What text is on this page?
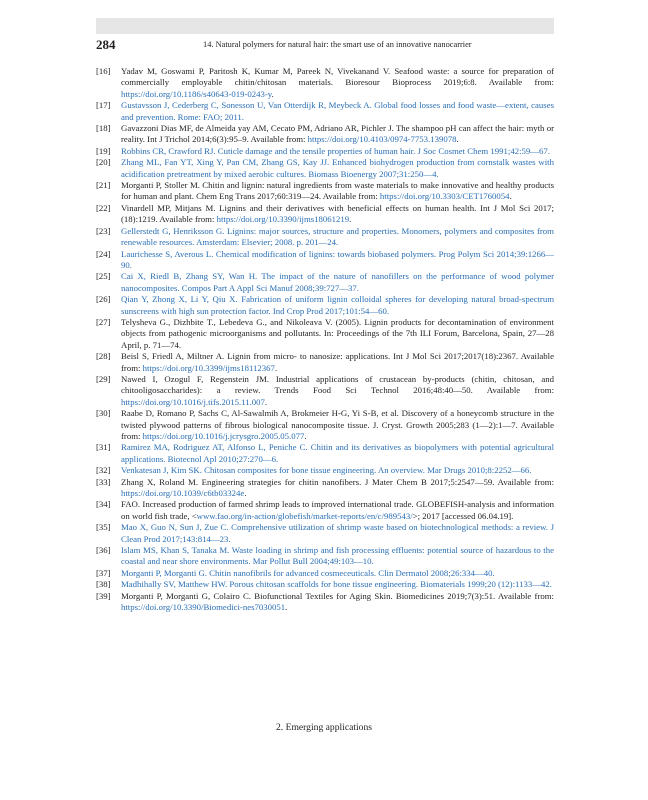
284	14. Natural polymers for natural hair: the smart use of an innovative nanocarrier
[16] Yadav M, Goswami P, Paritosh K, Kumar M, Pareek N, Vivekanand V. Seafood waste: a source for preparation of commercially employable chitin/chitosan materials. Bioresour Bioprocess 2019;6:8. Available from: https://doi.org/10.1186/s40643-019-0243-y.
[17] Gustavsson J, Cederberg C, Sonesson U, Van Otterdijk R, Meybeck A. Global food losses and food waste—extent, causes and prevention. Rome: FAO; 2011.
[18] Gavazzoni Dias MF, de Almeida yay AM, Cecato PM, Adriano AR, Pichler J. The shampoo pH can affect the hair: myth or reality. Int J Trichol 2014;6(3):95–9. Available from: https://doi.org/10.4103/0974-7753.139078.
[19] Robbins CR, Crawford RJ. Cuticle damage and the tensile properties of human hair. J Soc Cosmet Chem 1991;42:59—67.
[20] Zhang ML, Fan YT, Xing Y, Pan CM, Zhang GS, Kay JJ. Enhanced biohydrogen production from cornstalk wastes with acidification pretreatment by mixed aerobic cultures. Biomass Bioenergy 2007;31:250—4.
[21] Morganti P, Stoller M. Chitin and lignin: natural ingredients from waste materials to make innovative and healthy products for human and plant. Chem Eng Trans 2017;60:319—24. Available from: https://doi.org/10.3303/CET1760054.
[22] Vinardell MP, Mitjans M. Lignins and their derivatives with beneficial effects on human health. Int J Mol Sci 2017;(18):1219. Available from: https://doi.org/10.3390/ijms18061219.
[23] Gellerstedt G, Henriksson G. Lignins: major sources, structure and properties. Monomers, polymers and composites from renewable resources. Amsterdam: Elsevier; 2008. p. 201—24.
[24] Laurichesse S, Averous L. Chemical modification of lignins: towards biobased polymers. Prog Polym Sci 2014;39:1266—90.
[25] Cai X, Riedl B, Zhang SY, Wan H. The impact of the nature of nanofillers on the performance of wood polymer nanocomposites. Compos Part A Appl Sci Manuf 2008;39:727—37.
[26] Qian Y, Zhong X, Li Y, Qiu X. Fabrication of uniform lignin colloidal spheres for developing natural broad-spectrum sunscreens with high sun protection factor. Ind Crop Prod 2017;101:54—60.
[27] Telysheva G., Dizhbite T., Lebedeva G., and Nikoleava V. (2005). Lignin products for decontamination of environment objects from pathogenic microorganisms and pollutants. In: Proceedings of the 7th ILI Forum, Barcelona, Spain, 27—28 April, p. 71—74.
[28] Beisl S, Friedl A, Miltner A. Lignin from micro- to nanosize: applications. Int J Mol Sci 2017;2017(18):2367. Available from: https://doi.org/10.3399/ijms18112367.
[29] Nawed I, Ozogul F, Regenstein JM. Industrial applications of crustacean by-products (chitin, chitosan, and chitooligosaccharides): a review. Trends Food Sci Technol 2016;48:40—50. Available from: https://doi.org/10.1016/j.tifs.2015.11.007.
[30] Raabe D, Romano P, Sachs C, Al-Sawalmih A, Brokmeier H-G, Yi S-B, et al. Discovery of a honeycomb structure in the twisted plywood patterns of fibrous biological nanocomposite tissue. J. Cryst. Growth 2005;283 (1—2):1—7. Available from: https://doi.org/10.1016/j.jcrysgro.2005.05.077.
[31] Ramirez MA, Rodriguez AT, Alfonso L, Peniche C. Chitin and its derivatives as biopolymers with potential agricultural applications. Biotecnol Apl 2010;27:270—6.
[32] Venkatesan J, Kim SK. Chitosan composites for bone tissue engineering. An overview. Mar Drugs 2010;8:2252—66.
[33] Zhang X, Roland M. Engineering strategies for chitin nanofibers. J Mater Chem B 2017;5:2547—59. Available from: https://doi.org/10.1039/c6tb03324e.
[34] FAO. Increased production of farmed shrimp leads to improved international trade. GLOBEFISH-analysis and information on world fish trade, <www.fao.org/in-action/globefish/market-reports/en/c/989543/>; 2017 [accessed 06.04.19].
[35] Mao X, Guo N, Sun J, Zue C. Comprehensive utilization of shrimp waste based on biotechnological methods: a review. J Clean Prod 2017;143:814—23.
[36] Islam MS, Khan S, Tanaka M. Waste loading in shrimp and fish processing effluents: potential source of hazardous to the coastal and near shore environments. Mar Pollut Bull 2004;49:103—10.
[37] Morganti P, Morganti G. Chitin nanofibrils for advanced cosmeceuticals. Clin Dermatol 2008;26:334—40.
[38] Madhihally SV, Matthew HW. Porous chitosan scaffolds for bone tissue engineering. Biomaterials 1999;20 (12):1133—42.
[39] Morganti P, Morganti G, Colairo C. Biofunctional Textiles for Aging Skin. Biomedicines 2019;7(3):51. Available from: https://doi.org/10.3390/Biomedici-nes7030051.
2. Emerging applications
